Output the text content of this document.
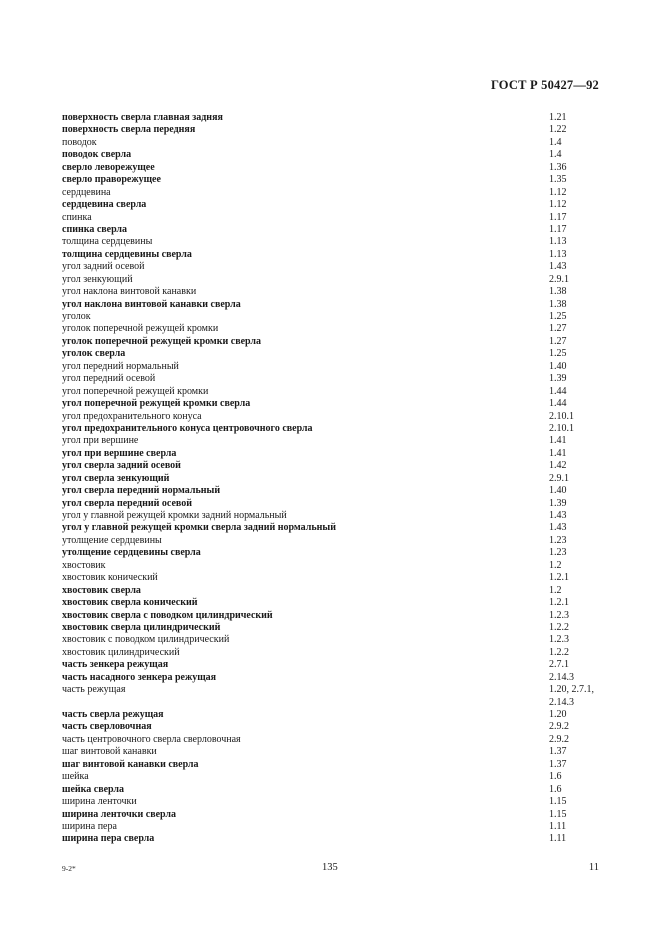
ГОСТ Р 50427—92
поверхность сверла главная задняя	1.21
поверхность сверла передняя	1.22
поводок	1.4
поводок сверла	1.4
сверло леворежущее	1.36
сверло праворежущее	1.35
сердцевина	1.12
сердцевина сверла	1.12
спинка	1.17
спинка сверла	1.17
толщина сердцевины	1.13
толщина сердцевины сверла	1.13
угол задний осевой	1.43
угол зенкующий	2.9.1
угол наклона винтовой канавки	1.38
угол наклона винтовой канавки сверла	1.38
уголок	1.25
уголок поперечной режущей кромки	1.27
уголок поперечной режущей кромки сверла	1.27
уголок сверла	1.25
угол передний нормальный	1.40
угол передний осевой	1.39
угол поперечной режущей кромки	1.44
угол поперечной режущей кромки сверла	1.44
угол предохранительного конуса	2.10.1
угол предохранительного конуса центровочного сверла	2.10.1
угол при вершине	1.41
угол при вершине сверла	1.41
угол сверла задний осевой	1.42
угол сверла зенкующий	2.9.1
угол сверла передний нормальный	1.40
угол сверла передний осевой	1.39
угол у главной режущей кромки задний нормальный	1.43
угол у главной режущей кромки сверла задний нормальный	1.43
утолщение сердцевины	1.23
утолщение сердцевины сверла	1.23
хвостовик	1.2
хвостовик конический	1.2.1
хвостовик сверла	1.2
хвостовик сверла конический	1.2.1
хвостовик сверла с поводком цилиндрический	1.2.3
хвостовик сверла цилиндрический	1.2.2
хвостовик с поводком цилиндрический	1.2.3
хвостовик цилиндрический	1.2.2
часть зенкера режущая	2.7.1
часть насадного зенкера режущая	2.14.3
часть режущая	1.20, 2.7.1,
2.14.3
часть сверла режущая	1.20
часть сверловочная	2.9.2
часть центровочного сверла сверловочная	2.9.2
шаг винтовой канавки	1.37
шаг винтовой канавки сверла	1.37
шейка	1.6
шейка сверла	1.6
ширина ленточки	1.15
ширина ленточки сверла	1.15
ширина пера	1.11
ширина пера сверла	1.11
9-2*	135	11
